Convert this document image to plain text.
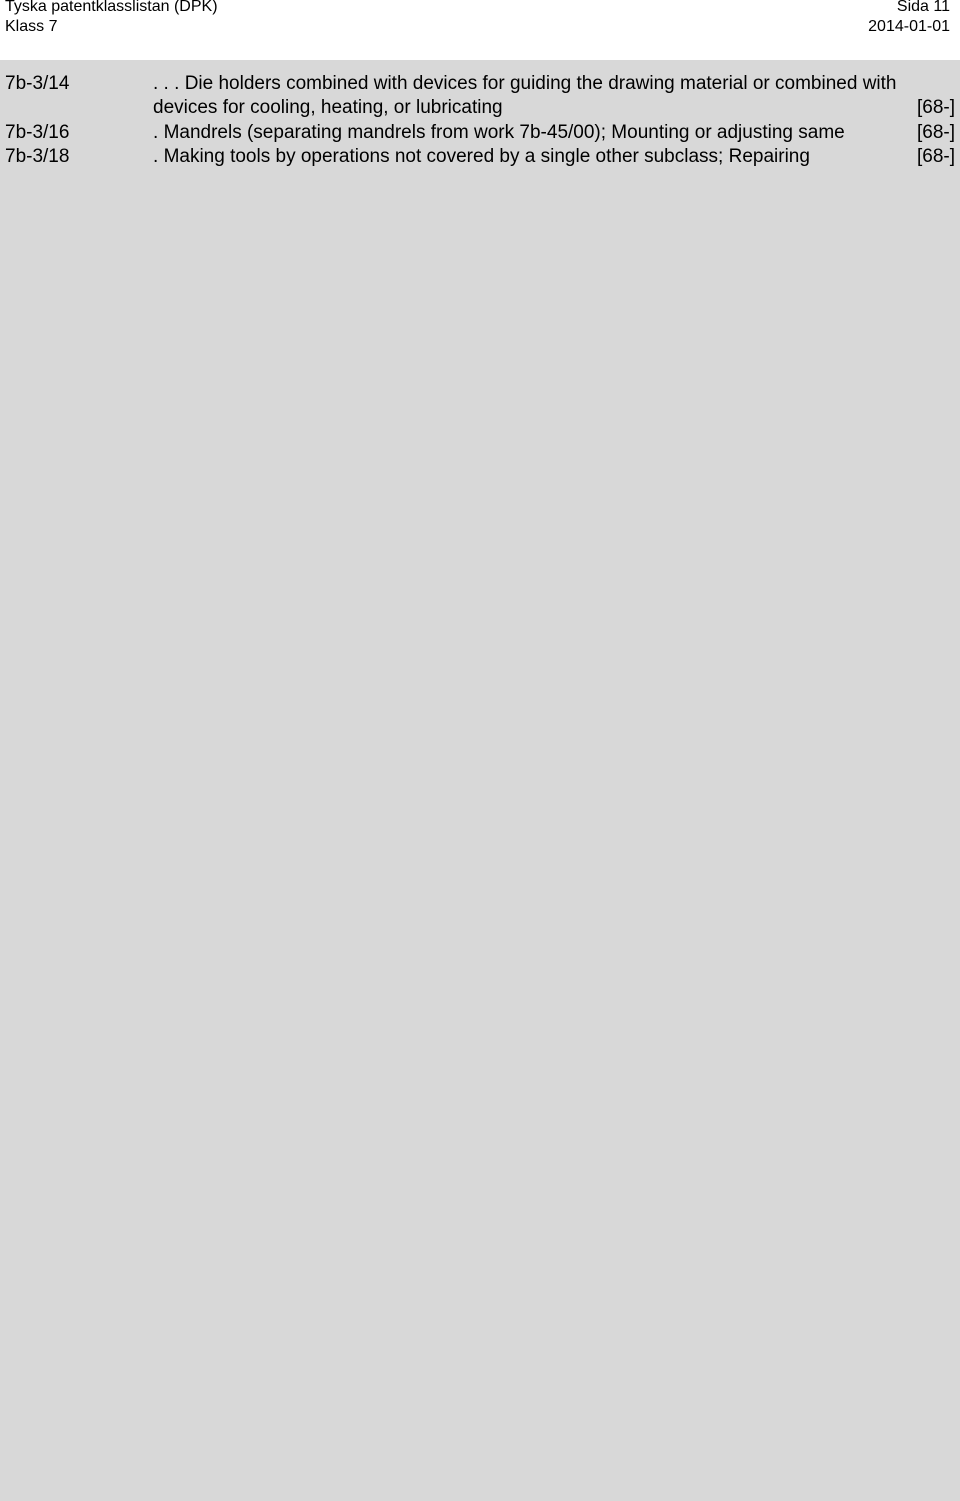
Tyska patentklasslistan (DPK)
Klass 7
Sida 11
2014-01-01
7b-3/14	. . . Die holders combined with devices for guiding the drawing material or combined with devices for cooling, heating, or lubricating	[68-]
7b-3/16	. Mandrels (separating mandrels from work 7b-45/00); Mounting or adjusting same	[68-]
7b-3/18	. Making tools by operations not covered by a single other subclass; Repairing	[68-]
